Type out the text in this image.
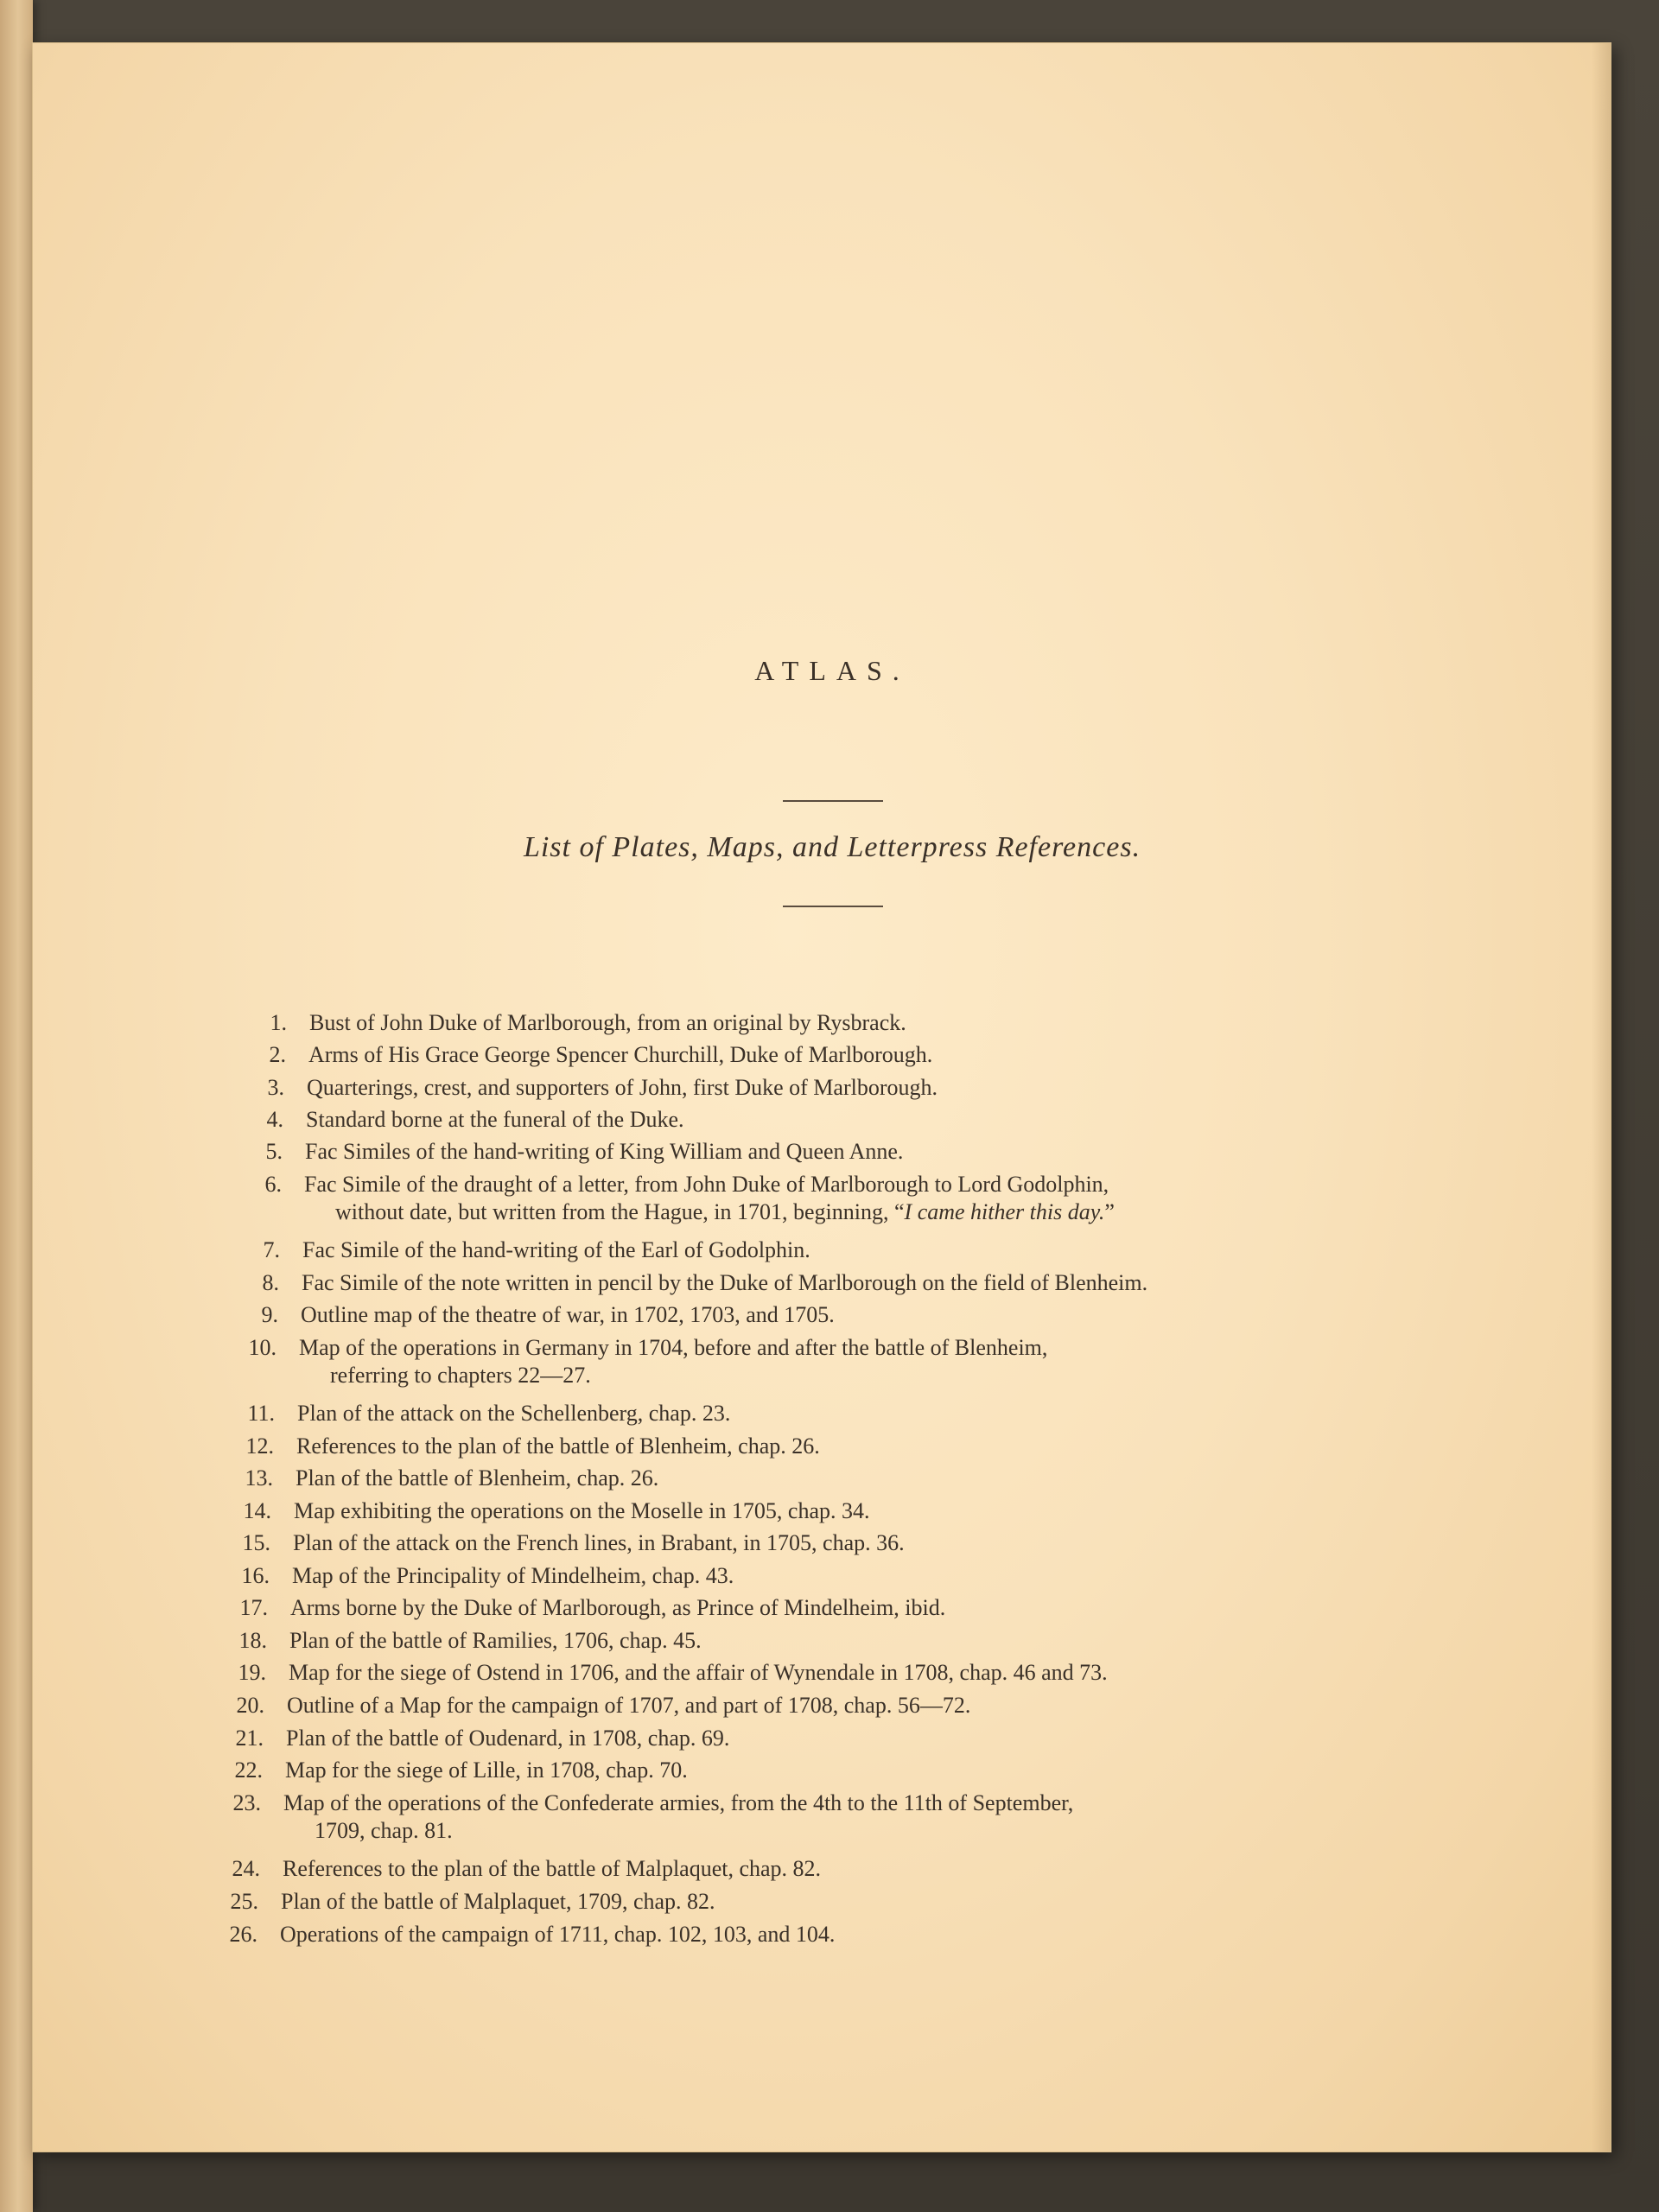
ATLAS.
List of Plates, Maps, and Letterpress References.
1. Bust of John Duke of Marlborough, from an original by Rysbrack.
2. Arms of His Grace George Spencer Churchill, Duke of Marlborough.
3. Quarterings, crest, and supporters of John, first Duke of Marlborough.
4. Standard borne at the funeral of the Duke.
5. Fac Similes of the hand-writing of King William and Queen Anne.
6. Fac Simile of the draught of a letter, from John Duke of Marlborough to Lord Godolphin,
without date, but written from the Hague, in 1701, beginning, “I came hither this day.”
7. Fac Simile of the hand-writing of the Earl of Godolphin.
8. Fac Simile of the note written in pencil by the Duke of Marlborough on the field of Blenheim.
9. Outline map of the theatre of war, in 1702, 1703, and 1705.
10. Map of the operations in Germany in 1704, before and after the battle of Blenheim,
referring to chapters 22—27.
11. Plan of the attack on the Schellenberg, chap. 23.
12. References to the plan of the battle of Blenheim, chap. 26.
13. Plan of the battle of Blenheim, chap. 26.
14. Map exhibiting the operations on the Moselle in 1705, chap. 34.
15. Plan of the attack on the French lines, in Brabant, in 1705, chap. 36.
16. Map of the Principality of Mindelheim, chap. 43.
17. Arms borne by the Duke of Marlborough, as Prince of Mindelheim, ibid.
18. Plan of the battle of Ramilies, 1706, chap. 45.
19. Map for the siege of Ostend in 1706, and the affair of Wynendale in 1708, chap. 46 and 73.
20. Outline of a Map for the campaign of 1707, and part of 1708, chap. 56—72.
21. Plan of the battle of Oudenard, in 1708, chap. 69.
22. Map for the siege of Lille, in 1708, chap. 70.
23. Map of the operations of the Confederate armies, from the 4th to the 11th of September,
1709, chap. 81.
24. References to the plan of the battle of Malplaquet, chap. 82.
25. Plan of the battle of Malplaquet, 1709, chap. 82.
26. Operations of the campaign of 1711, chap. 102, 103, and 104.
